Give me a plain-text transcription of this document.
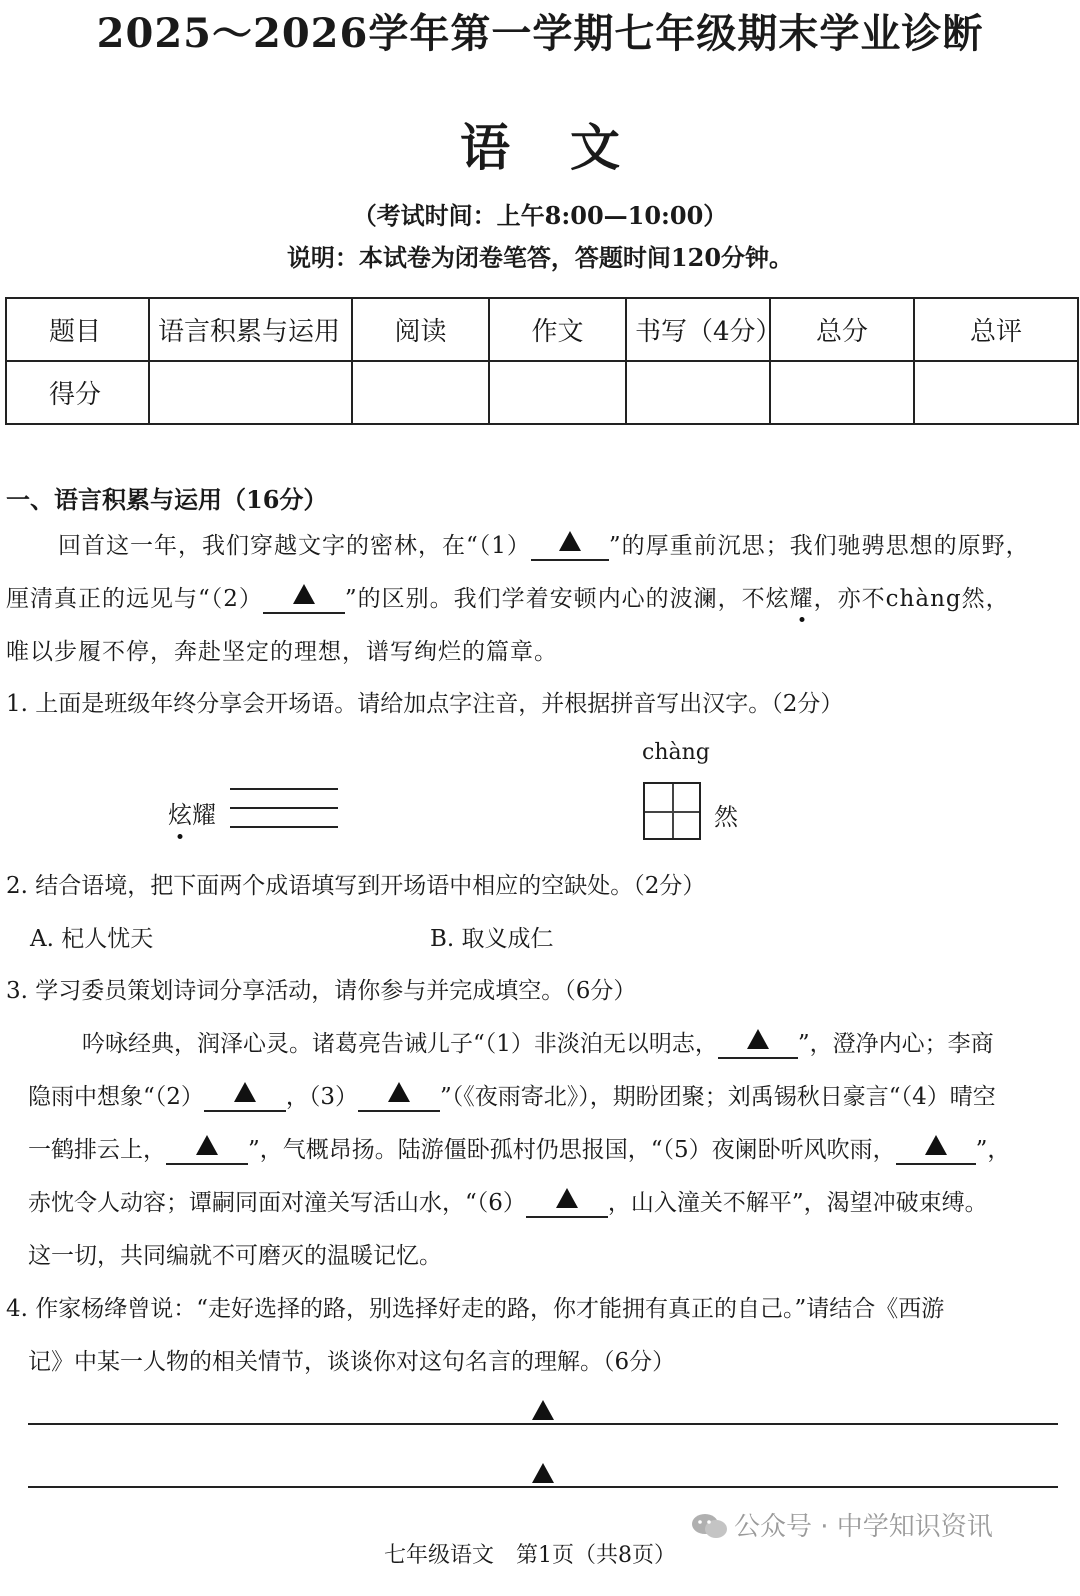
2025～2026学年第一学期七年级期末学业诊断
语文
（考试时间：上午8:00—10:00）
说明：本试卷为闭卷笔答，答题时间120分钟。
题目	语言积累与运用	阅读	作文	书写（4分）	总分	总评
得分						
一、语言积累与运用（16分）
回首这一年，我们穿越文字的密林，在“（1）	”的厚重前沉思；我们驰骋思想的原野，
厘清真正的远见与“（2）	”的区别。我们学着安顿内心的波澜，不炫耀，亦不chàng然，
唯以步履不停，奔赴坚定的理想，谱写绚烂的篇章。
1. 上面是班级年终分享会开场语。请给加点字注音，并根据拼音写出汉字。（2分）
炫耀
chàng
然
2. 结合语境，把下面两个成语填写到开场语中相应的空缺处。（2分）
A. 杞人忧天	B. 取义成仁
3. 学习委员策划诗词分享活动，请你参与并完成填空。（6分）
吟咏经典，润泽心灵。诸葛亮告诫儿子“（1）非淡泊无以明志，	”，澄净内心；李商
隐雨中想象“（2）	，（3）	”（《夜雨寄北》），期盼团聚；刘禹锡秋日豪言“（4）晴空
一鹤排云上，	”，气概昂扬。陆游僵卧孤村仍思报国，“（5）夜阑卧听风吹雨，	”，
赤忱令人动容；谭嗣同面对潼关写活山水，“（6）	，山入潼关不解平”，渴望冲破束缚。
这一切，共同编就不可磨灭的温暖记忆。
4. 作家杨绛曾说：“走好选择的路，别选择好走的路，你才能拥有真正的自己。”请结合《西游
记》中某一人物的相关情节，谈谈你对这句名言的理解。（6分）
公众号 · 中学知识资讯
七年级语文　第1页（共8页）
